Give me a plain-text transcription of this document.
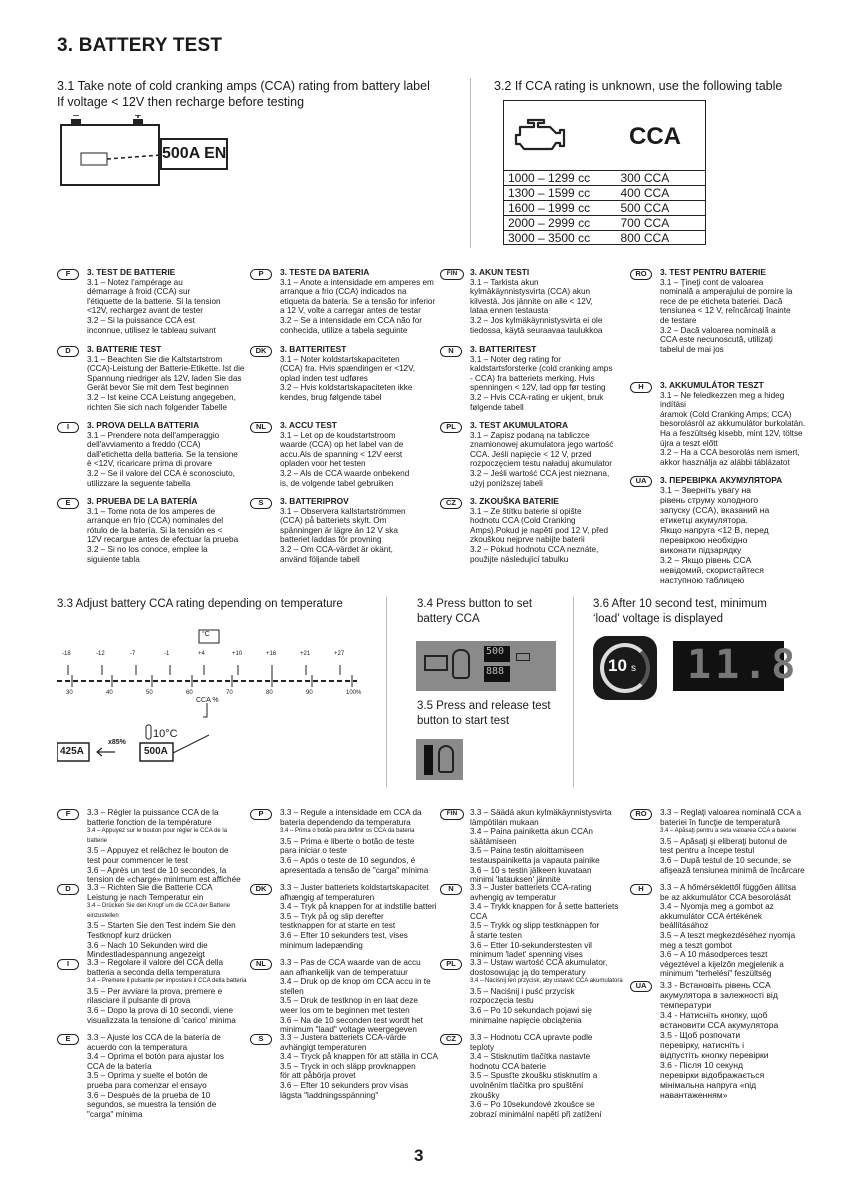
3. BATTERY TEST
3.1 Take note of cold cranking amps (CCA) rating from battery label
If voltage < 12V then recharge before testing
500A EN
3.2 If CCA rating is unknown, use the following table
CCA
1000 – 1299 cc	300 CCA
1300 – 1599 cc	400 CCA
1600 – 1999 cc	500 CCA
2000 – 2999 cc	700 CCA
3000 – 3500 cc	800 CCA
F	3. TEST DE BATTERIE

3.1 – Notez l'ampérage au

démarrage à froid (CCA) sur

l'étiquette de la batterie. Si la tension

<12V, rechargez avant de tester

3.2 – Si la puissance CCA est

inconnue, utilisez le tableau suivant

D	3. BATTERIE TEST

3.1 – Beachten Sie die Kaltstartstrom

(CCA)-Leistung der Batterie-Etikette. Ist die

Spannung niedriger als 12V, laden Sie das

Gerät bevor Sie mit dem Test beginnen

3.2 – Ist keine CCA Leistung angegeben,

richten Sie sich nach folgender Tabelle

I	3. PROVA DELLA BATTERIA

3.1 – Prendere nota dell'amperaggio

dell'avviamento a freddo (CCA)

dall'etichetta della batteria. Se la tensione

è <12V, ricaricare prima di provare

3.2 – Se il valore del CCA è sconosciuto,

utilizzare la seguente tabella

E	3. PRUEBA DE LA BATERÍA

3.1 – Tome nota de los amperes de

arranque en frío (CCA) nominales del

rótulo de la batería. Si la tensión es <

12V recargue antes de efectuar la prueba

3.2 – Si no los conoce, emplee la

siguiente tabla

P	3. TESTE DA BATERIA

3.1 – Anote a intensidade em amperes em

arranque a frio (CCA) indicados na

etiqueta da bateria. Se a tensão for inferior

a 12 V, volte a carregar antes de testar

3.2 – Se a intensidade em CCA não for

conhecida, utilize a tabela seguinte

DK	3. BATTERITEST

3.1 – Noter koldstartskapaciteten

(CCA) fra. Hvis spændingen er <12V,

oplad inden test udføres

3.2 – Hvis koldstartskapaciteten ikke

kendes, brug følgende tabel

NL	3. ACCU TEST

3.1 – Let op de koudstartstroom

waarde (CCA) op het label van de

accu.Als de spanning < 12V eerst

opladen voor het testen

3.2 – Als de CCA waarde onbekend

is, de volgende tabel gebruiken

S	3. BATTERIPROV

3.1 – Observera kallstartströmmen

(CCA) på batteriets skylt. Om

spänningen är lägre än 12 V ska

batteriet laddas för provning

3.2 – Om CCA-värdet är okänt,

använd följande tabell

FIN	3. AKUN TESTI

3.1 – Tarkista akun

kylmäkäynnistysvirta (CCA) akun

kilvestä. Jos jännite on alle < 12V,

lataa ennen testausta

3.2 – Jos kylmäkäynnistysvirta ei ole

tiedossa, käytä seuraavaa taulukkoa

N	3. BATTERITEST

3.1 – Noter deg rating for

kaldstartsforsterke (cold cranking amps

- CCA) fra batteriets merking. Hvis

spenningen < 12V, lad opp før testing

3.2 – Hvis CCA-rating er ukjent, bruk

følgende tabell

PL	3. TEST AKUMULATORA

3.1 – Zapisz podaną na tabliczce

znamionowej akumulatora jego wartość

CCA. Jeśli napięcie < 12 V, przed

rozpoczęciem testu naładuj akumulator

3.2 – Jeśli wartość CCA jest nieznana,

użyj poniższej tabeli

CZ	3. ZKOUŠKA BATERIE

3.1 – Ze štítku baterie si opište

hodnotu CCA (Cold Cranking

Amps).Pokud je napětí pod 12 V, před

zkouškou nejprve nabijte baterii

3.2 – Pokud hodnotu CCA neznáte,

použijte následující tabulku

RO	3. TEST PENTRU BATERIE

3.1 – Ţineţi cont de valoarea

nominală a amperajului de pornire la

rece de pe eticheta bateriei. Dacă

tensiunea < 12 V, reîncărcaţi înainte

de testare

3.2 – Dacă valoarea nominală a

CCA este necunoscută, utilizaţi

tabelul de mai jos

H	3. AKKUMULÁTOR TESZT

3.1 – Ne feledkezzen meg a hideg indítási

áramok (Cold Cranking Amps; CCA)

besorolásról az akkumulátor burkolatán.

Ha a feszültség kisebb, mint 12V, töltse

újra a teszt előtt

3.2 – Ha a CCA besorolás nem ismert,

akkor használja az alábbi táblázatot

UA	3. ПЕРЕВІРКА АКУМУЛЯТОРА

3.1 – Зверніть увагу на

рівень струму холодного

запуску (CCA), вказаний на

етикетці акумулятора.

Якщо напруга <12 В, перед

перевіркою необхідно

виконати підзарядку

3.2 – Якщо рівень CCA

невідомий, скористайтеся

наступною таблицею

3.3 Adjust battery CCA rating depending on temperature
°C
CCA %
425A
x85%
10°C
500A
30	40	50	60	70	80	90	100%
-18	-12	-7	-1	+4	+10	+16	+21	+27
3.4 Press button to set
battery CCA
500
888
3.5 Press and release test
button to start test
3.6 After 10 second test, minimum
‘load’ voltage is displayed
10 s	11.8
F	3.3 – Régler la puissance CCA de la

batterie fonction de la température

3.4 – Appuyez sur le bouton pour régler le CCA de la batterie

3.5 – Appuyez et relâchez le bouton de

test pour commencer le test

3.6 – Après un test de 10 secondes, la

tension de «charge» minimum est affichée

D	3.3 – Richten Sie die Batterie CCA

Leistung je nach Temperatur ein

3.4 – Drücken Sie den Knopf um die CCA der Batterie einzustellen

3.5 – Starten Sie den Test indem Sie den

Testknopf kurz drücken

3.6 – Nach 10 Sekunden wird die

Mindestladespannung angezeigt

I	3.3 – Regolare il valore del CCA della

batteria a seconda della temperatura

3.4 – Premere il pulsante per impostare il CCA della batteria

3.5 – Per avviare la prova, premere e

rilasciare il pulsante di prova

3.6 – Dopo la prova di 10 secondi, viene

visualizzata la tensione di 'carico' minima

E	3.3 – Ajuste los CCA de la batería de

acuerdo con la temperatura

3.4 – Oprima el botón para ajustar los

CCA de la batería

3.5 – Oprima y suelte el botón de

prueba para comenzar el ensayo

3.6 – Después de la prueba de 10

segundos, se muestra la tensión de

"carga" mínima

P	3.3 – Regule a intensidade em CCA da

bateria dependendo da temperatura

3.4 – Prima o botão para definir os CCA da bateria

3.5 – Prima e liberte o botão de teste

para iniciar o teste

3.6 – Após o teste de 10 segundos, é

apresentada a tensão de "carga" mínima

DK	3.3 – Juster batteriets koldstartskapacitet

afhængig af temperaturen

3.4 – Tryk på knappen for at indstille batteri

3.5 – Tryk på og slip derefter

testknappen for at starte en test

3.6 – Efter 10 sekunders test, vises

minimum ladepænding

NL	3.3 – Pas de CCA waarde van de accu

aan afhankelijk van de temperatuur

3.4 – Druk op de knop om CCA accu in te stellen

3.5 – Druk de testknop in en laat deze

weer los om te beginnen met testen

3.6 – Na de 10 seconden test wordt het

minimum "laad" voltage weergegeven

S	3.3 – Justera batteriets CCA-värde

avhängigt temperaturen

3.4 – Tryck på knappen för att ställa in CCA

3.5 – Tryck in och släpp provknappen

för att påbörja provet

3.6 – Efter 10 sekunders prov visas

lägsta "laddningsspänning"

FIN	3.3 – Säädä akun kylmäkäynnistysvirta

lämpötilan mukaan

3.4 – Paina painiketta akun CCAn säätämiseen

3.5 – Paina testin aloittamiseen

testauspainiketta ja vapauta painike

3.6 – 10 s testin jälkeen kuvataan

minimi 'latauksen' jännite

N	3.3 – Juster batteriets CCA-rating

avhengig av temperatur

3.4 – Trykk knappen for å sette batteriets CCA

3.5 – Trykk og slipp testknappen for

å starte testen

3.6 – Etter 10-sekunderstesten vil

minimum 'ladet' spenning vises

PL	3.3 – Ustaw wartość CCA akumulator,

dostosowując ją do temperatury

3.4 – Naciśnij ten przycisk, aby ustawić CCA akumulatora

3.5 – Naciśnij i puść przycisk

rozpoczęcia testu

3.6 – Po 10 sekundach pojawi się

minimalne napięcie obciążenia

CZ	3.3 – Hodnotu CCA upravte podle

teploty

3.4 – Stisknutím tlačítka nastavte

hodnotu CCA baterie

3.5 – Spusťte zkoušku stisknutím a

uvolněním tlačítka pro spuštění

zkoušky

3.6 – Po 10sekundové zkoušce se

zobrazí minimální napětí při zatížení

RO	3.3 – Reglaţi valoarea nominală CCA a

bateriei în funcţie de temperatură

3.4 – Apăsaţi pentru a seta valoarea CCA a bateriei

3.5 – Apăsaţi şi eliberaţi butonul de

test pentru a începe testul

3.6 – După testul de 10 secunde, se

afişează tensiunea minimă de încărcare

H	3.3 – A hőmérséklettől függően állítsa

be az akkumulátor CCA besorolását

3.4 – Nyomja meg a gombot az

akkumulátor CCA értékének beállításához

3.5 – A teszt megkezdéséhez nyomja

meg a teszt gombot

3.6 – A 10 másodperces teszt

végeztével a kijelzőn megjelenik a

minimum "terhelési" feszültség

UA	3.3 - Встановіть рівень CCA

акумулятора в залежності від

температури

3.4 - Натисніть кнопку, щоб

встановити CCA акумулятора

3.5 - Щоб розпочати

перевірку, натисніть і

відпустіть кнопку перевірки

3.6 - Після 10 секунд

перевірки відображається

мінімальна напруга «під

навантаженням»

3
